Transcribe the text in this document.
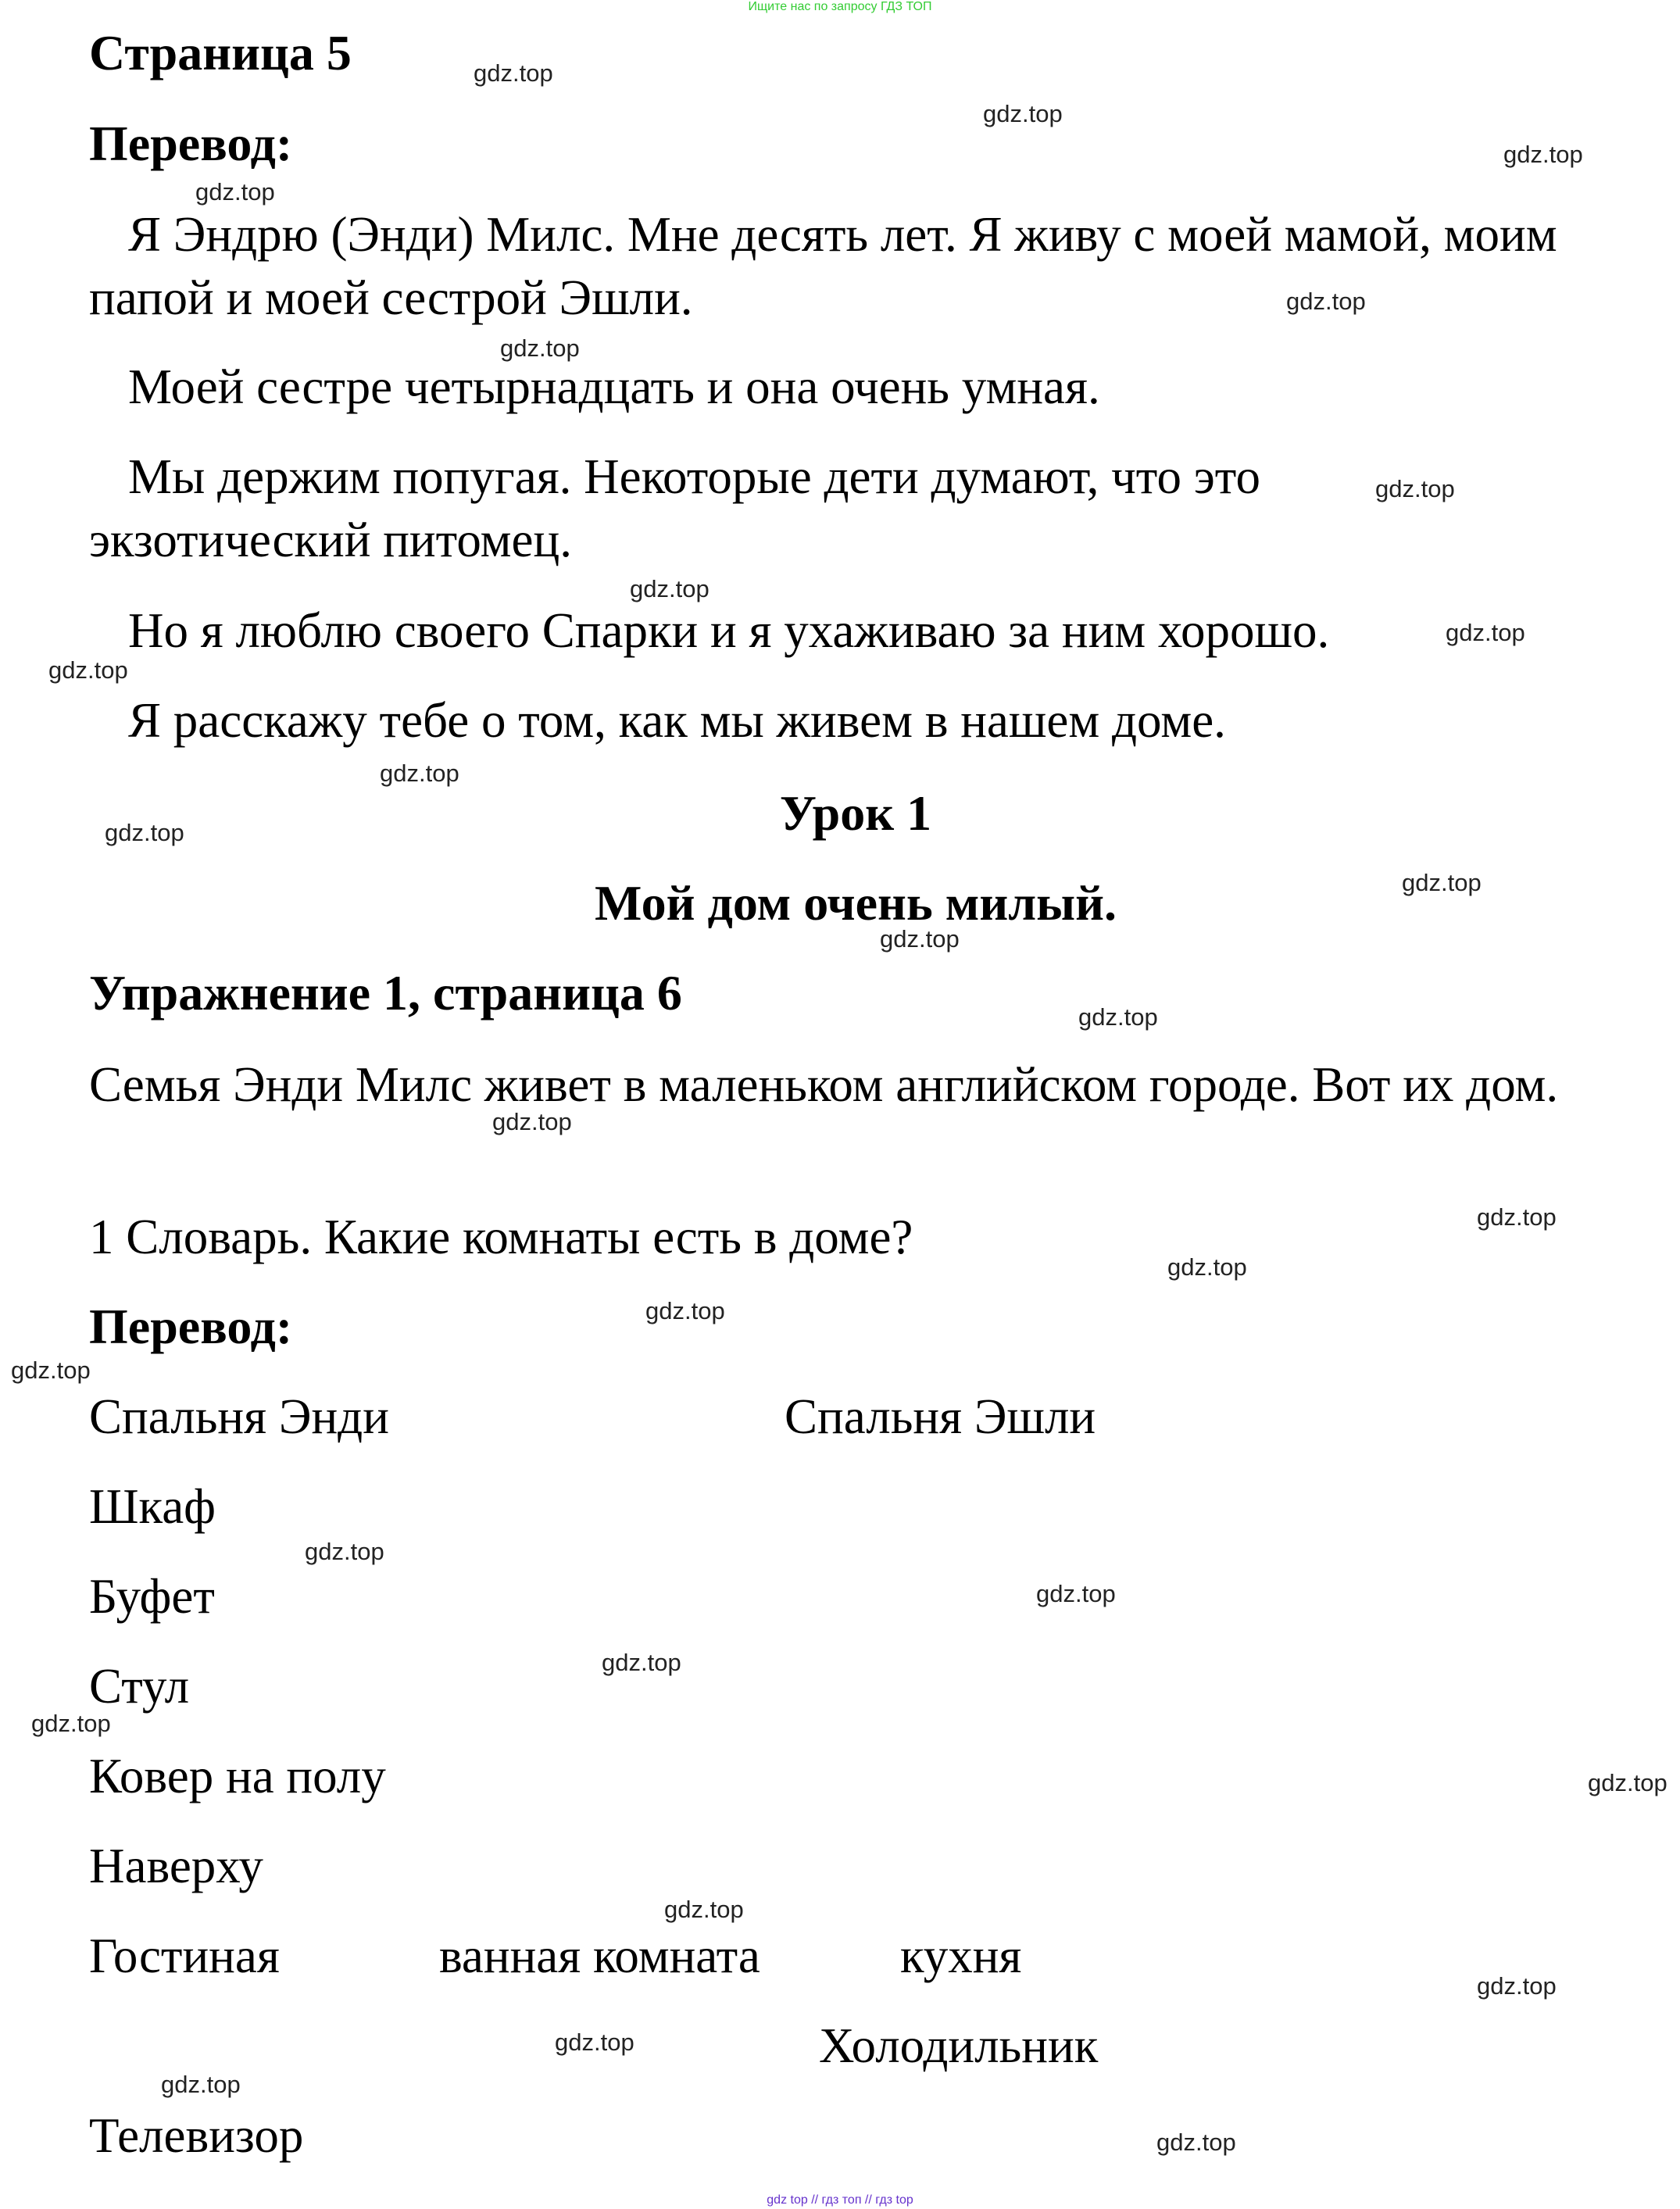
Ищите нас по запросу ГДЗ ТОП
gdz top // гдз топ // гдз top
Страница 5
Перевод:
Я Эндрю (Энди) Милс. Мне десять лет. Я живу с моей мамой, моим папой и моей сестрой Эшли.
Моей сестре четырнадцать и она очень умная.
Мы держим попугая. Некоторые дети думают, что это экзотический питомец.
Но я люблю своего Спарки и я ухаживаю за ним хорошо.
Я расскажу тебе о том, как мы живем в нашем доме.
Урок 1
Мой дом очень милый.
Упражнение 1, страница 6
Семья Энди Милс живет в маленьком английском городе. Вот их дом.
1 Словарь. Какие комнаты есть в доме?
Перевод:
Спальня Энди	Спальня Эшли
Шкаф
Буфет
Стул
Ковер на полу
Наверху
Гостиная	ванная комната	кухня
Холодильник
Телевизор
gdz.top
gdz.top
gdz.top
gdz.top
gdz.top
gdz.top
gdz.top
gdz.top
gdz.top
gdz.top
gdz.top
gdz.top
gdz.top
gdz.top
gdz.top
gdz.top
gdz.top
gdz.top
gdz.top
gdz.top
gdz.top
gdz.top
gdz.top
gdz.top
gdz.top
gdz.top
gdz.top
gdz.top
gdz.top
gdz.top
